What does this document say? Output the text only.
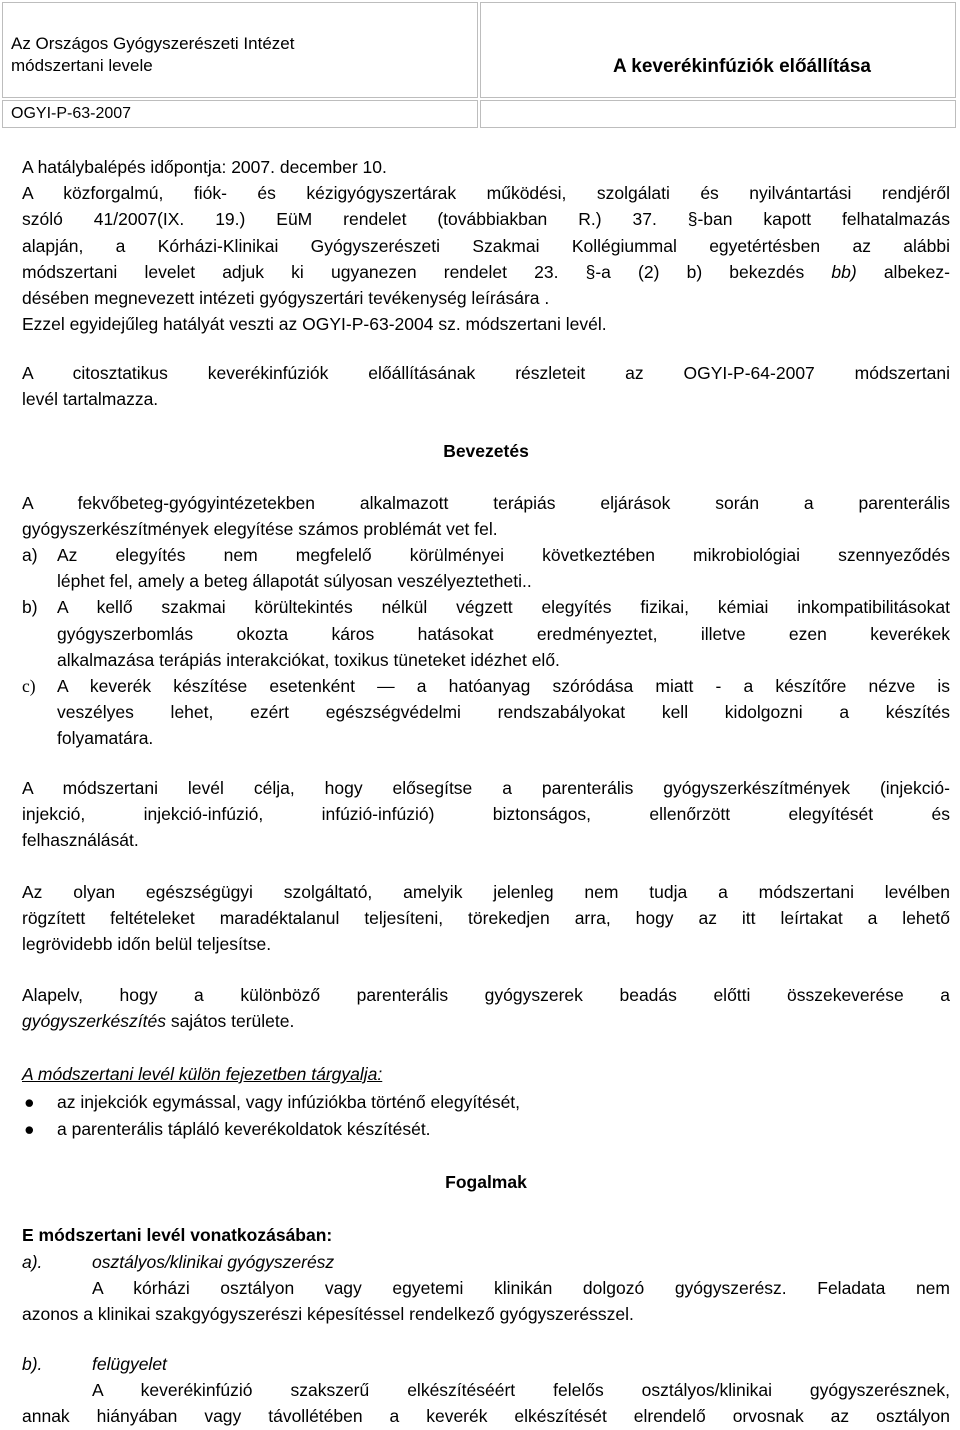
Az Országos Gyógyszerészeti Intézet
módszertani levele	A keverékinfúziók előállítása
OGYI-P-63-2007
A hatálybalépés időpontja: 2007. december 10.
A közforgalmú, fiók- és kézigyógyszertárak működési, szolgálati és nyilvántartási rendjéről
szóló 41/2007(IX. 19.) EüM rendelet (továbbiakban R.) 37. §-ban kapott felhatalmazás
alapján, a Kórházi-Klinikai Gyógyszerészeti Szakmai Kollégiummal egyetértésben az alábbi
módszertani levelet adjuk ki ugyanezen rendelet 23. §-a (2) b) bekezdés bb) albekez-
désében megnevezett intézeti gyógyszertári tevékenység leírására .
Ezzel egyidejűleg hatályát veszti az OGYI-P-63-2004 sz. módszertani levél.
A citosztatikus keverékinfúziók előállításának részleteit az OGYI-P-64-2007 módszertani
levél tartalmazza.
Bevezetés
A fekvőbeteg-gyógyintézetekben alkalmazott terápiás eljárások során a parenterális
gyógyszerkészítmények elegyítése számos problémát vet fel.
a) Az elegyítés nem megfelelő körülményei következtében mikrobiológiai szennyeződés
léphet fel, amely a beteg állapotát súlyosan veszélyeztetheti..
b) A kellő szakmai körültekintés nélkül végzett elegyítés fizikai, kémiai inkompatibilitásokat
gyógyszerbomlás okozta káros hatásokat eredményeztet, illetve ezen keverékek
alkalmazása terápiás interakciókat, toxikus tüneteket idézhet elő.
c) A keverék készítése esetenként — a hatóanyag szóródása miatt - a készítőre nézve is
veszélyes lehet, ezért egészségvédelmi rendszabályokat kell kidolgozni a készítés
folyamatára.
A módszertani levél célja, hogy elősegítse a parenterális gyógyszerkészítmények (injekció-
injekció, injekció-infúzió, infúzió-infúzió) biztonságos, ellenőrzött elegyítését és
felhasználását.
Az olyan egészségügyi szolgáltató, amelyik jelenleg nem tudja a módszertani levélben
rögzített feltételeket maradéktalanul teljesíteni, törekedjen arra, hogy az itt leírtakat a lehető
legrövidebb időn belül teljesítse.
Alapelv, hogy a különböző parenterális gyógyszerek beadás előtti összekeverése a
gyógyszerkészítés sajátos területe.
A módszertani levél külön fejezetben tárgyalja:
● az injekciók egymással, vagy infúziókba történő elegyítését,
● a parenterális tápláló keverékoldatok készítését.
Fogalmak
E módszertani levél vonatkozásában:
a).	osztályos/klinikai gyógyszerész
A kórházi osztályon vagy egyetemi klinikán dolgozó gyógyszerész. Feladata nem
azonos a klinikai szakgyógyszerészi képesítéssel rendelkező gyógyszerésszel.
b).	felügyelet
A keverékinfúzió szakszerű elkészítéséért felelős osztályos/klinikai gyógyszerésznek,
annak hiányában vagy távollétében a keverék elkészítését elrendelő orvosnak az osztályon
